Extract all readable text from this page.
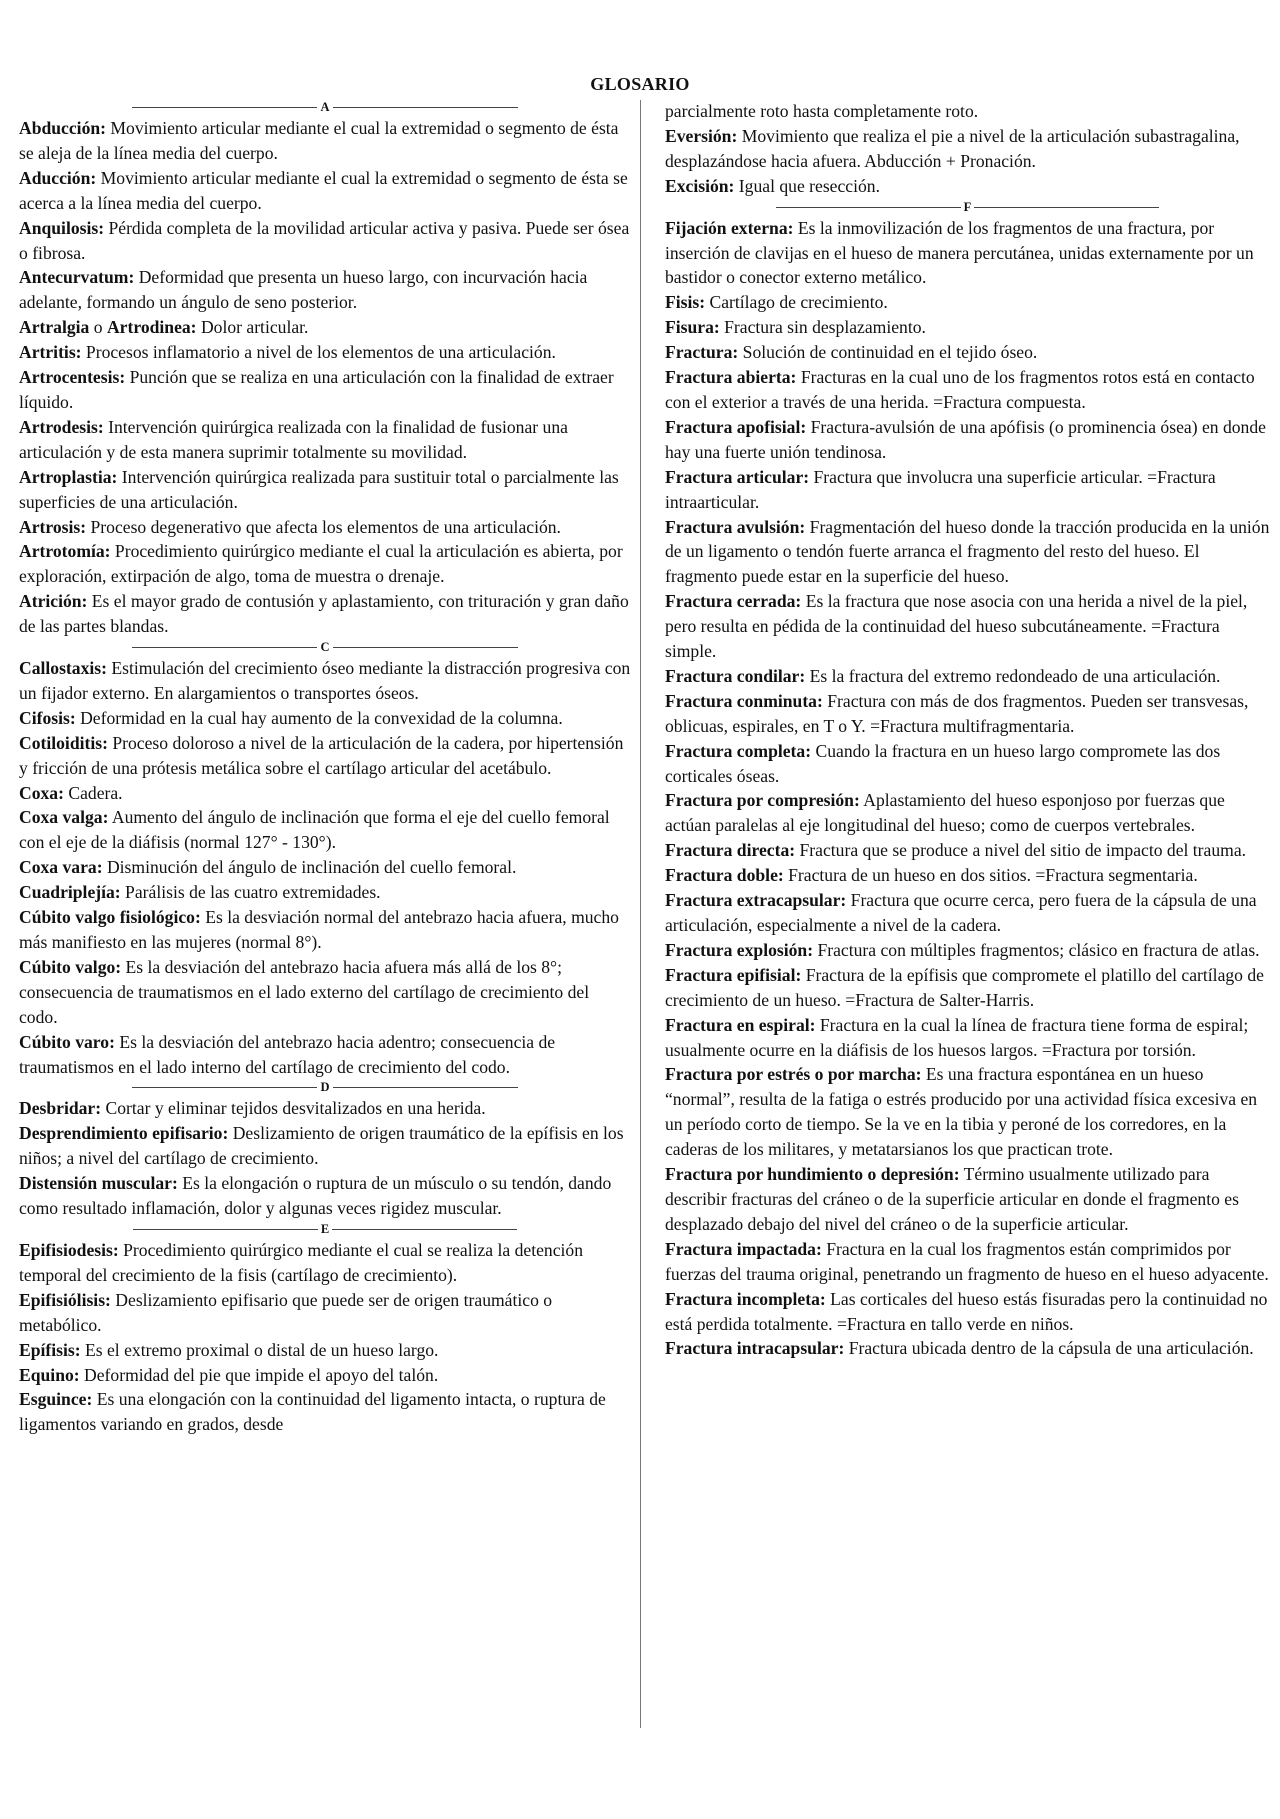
GLOSARIO
A

Abducción: Movimiento articular mediante el cual la extremidad o segmento de ésta se aleja de la línea media del cuerpo.

Aducción: Movimiento articular mediante el cual la extremidad o segmento de ésta se acerca a la línea media del cuerpo.

Anquilosis: Pérdida completa de la movilidad articular activa y pasiva. Puede ser ósea o fibrosa.

Antecurvatum: Deformidad que presenta un hueso largo, con incurvación hacia adelante, formando un ángulo de seno posterior.

Artralgia o Artrodinea: Dolor articular.

Artritis: Procesos inflamatorio a nivel de los elementos de una articulación.

Artrocentesis: Punción que se realiza en una articulación con la finalidad de extraer líquido.

Artrodesis: Intervención quirúrgica realizada con la finalidad de fusionar una articulación y de esta manera suprimir totalmente su movilidad.

Artroplastia: Intervención quirúrgica realizada para sustituir total o parcialmente las superficies de una articulación.

Artrosis: Proceso degenerativo que afecta los elementos de una articulación.

Artrotomía: Procedimiento quirúrgico mediante el cual la articulación es abierta, por exploración, extirpación de algo, toma de muestra o drenaje.

Atrición: Es el mayor grado de contusión y aplastamiento, con trituración y gran daño de las partes blandas.

C

Callostaxis: Estimulación del crecimiento óseo mediante la distracción progresiva con un fijador externo. En alargamientos o transportes óseos.

Cifosis: Deformidad en la cual hay aumento de la convexidad de la columna.

Cotiloiditis: Proceso doloroso a nivel de la articulación de la cadera, por hipertensión y fricción de una prótesis metálica sobre el cartílago articular del acetábulo.

Coxa: Cadera.

Coxa valga: Aumento del ángulo de inclinación que forma el eje del cuello femoral con el eje de la diáfisis (normal 127° - 130°).

Coxa vara: Disminución del ángulo de inclinación del cuello femoral.

Cuadriplejía: Parálisis de las cuatro extremidades.

Cúbito valgo fisiológico: Es la desviación normal del antebrazo hacia afuera, mucho más manifiesto en las mujeres (normal 8°).

Cúbito valgo: Es la desviación del antebrazo hacia afuera más allá de los 8°; consecuencia de traumatismos en el lado externo del cartílago de crecimiento del codo.

Cúbito varo: Es la desviación del antebrazo hacia adentro; consecuencia de traumatismos en el lado interno del cartílago de crecimiento del codo.

D

Desbridar: Cortar y eliminar tejidos desvitalizados en una herida.

Desprendimiento epifisario: Deslizamiento de origen traumático de la epífisis en los niños; a nivel del cartílago de crecimiento.

Distensión muscular: Es la elongación o ruptura de un músculo o su tendón, dando como resultado inflamación, dolor y algunas veces rigidez muscular.

E

Epifisiodesis: Procedimiento quirúrgico mediante el cual se realiza la detención temporal del crecimiento de la fisis (cartílago de crecimiento).

Epifisiólisis: Deslizamiento epifisario que puede ser de origen traumático o metabólico.

Epífisis: Es el extremo proximal o distal de un hueso largo.

Equino: Deformidad del pie que impide el apoyo del talón.

Esguince: Es una elongación con la continuidad del ligamento intacta, o ruptura de ligamentos variando en grados, desde

parcialmente roto hasta completamente roto.

Eversión: Movimiento que realiza el pie a nivel de la articulación subastragalina, desplazándose hacia afuera. Abducción + Pronación.

Excisión: Igual que resección.

F

Fijación externa: Es la inmovilización de los fragmentos de una fractura, por inserción de clavijas en el hueso de manera percutánea, unidas externamente por un bastidor o conector externo metálico.

Fisis: Cartílago de crecimiento.

Fisura: Fractura sin desplazamiento.

Fractura: Solución de continuidad en el tejido óseo.

Fractura abierta: Fracturas en la cual uno de los fragmentos rotos está en contacto con el exterior a través de una herida. =Fractura compuesta.

Fractura apofisial: Fractura-avulsión de una apófisis (o prominencia ósea) en donde hay una fuerte unión tendinosa.

Fractura articular: Fractura que involucra una superficie articular. =Fractura intraarticular.

Fractura avulsión: Fragmentación del hueso donde la tracción producida en la unión de un ligamento o tendón fuerte arranca el fragmento del resto del hueso. El fragmento puede estar en la superficie del hueso.

Fractura cerrada: Es la fractura que nose asocia con una herida a nivel de la piel, pero resulta en pédida de la continuidad del hueso subcutáneamente. =Fractura simple.

Fractura condilar: Es la fractura del extremo redondeado de una articulación.

Fractura conminuta: Fractura con más de dos fragmentos. Pueden ser transvesas, oblicuas, espirales, en T o Y. =Fractura multifragmentaria.

Fractura completa: Cuando la fractura en un hueso largo compromete las dos corticales óseas.

Fractura por compresión: Aplastamiento del hueso esponjoso por fuerzas que actúan paralelas al eje longitudinal del hueso; como de cuerpos vertebrales.

Fractura directa: Fractura que se produce a nivel del sitio de impacto del trauma.

Fractura doble: Fractura de un hueso en dos sitios. =Fractura segmentaria.

Fractura extracapsular: Fractura que ocurre cerca, pero fuera de la cápsula de una articulación, especialmente a nivel de la cadera.

Fractura explosión: Fractura con múltiples fragmentos; clásico en fractura de atlas.

Fractura epifisial: Fractura de la epífisis que compromete el platillo del cartílago de crecimiento de un hueso. =Fractura de Salter-Harris.

Fractura en espiral: Fractura en la cual la línea de fractura tiene forma de espiral; usualmente ocurre en la diáfisis de los huesos largos. =Fractura por torsión.

Fractura por estrés o por marcha: Es una fractura espontánea en un hueso “normal”, resulta de la fatiga o estrés producido por una actividad física excesiva en un período corto de tiempo. Se la ve en la tibia y peroné de los corredores, en la caderas de los militares, y metatarsianos los que practican trote.

Fractura por hundimiento o depresión: Término usualmente utilizado para describir fracturas del cráneo o de la superficie articular en donde el fragmento es desplazado debajo del nivel del cráneo o de la superficie articular.

Fractura impactada: Fractura en la cual los fragmentos están comprimidos por fuerzas del trauma original, penetrando un fragmento de hueso en el hueso adyacente.

Fractura incompleta: Las corticales del hueso estás fisuradas pero la continuidad no está perdida totalmente. =Fractura en tallo verde en niños.

Fractura intracapsular: Fractura ubicada dentro de la cápsula de una articulación.
